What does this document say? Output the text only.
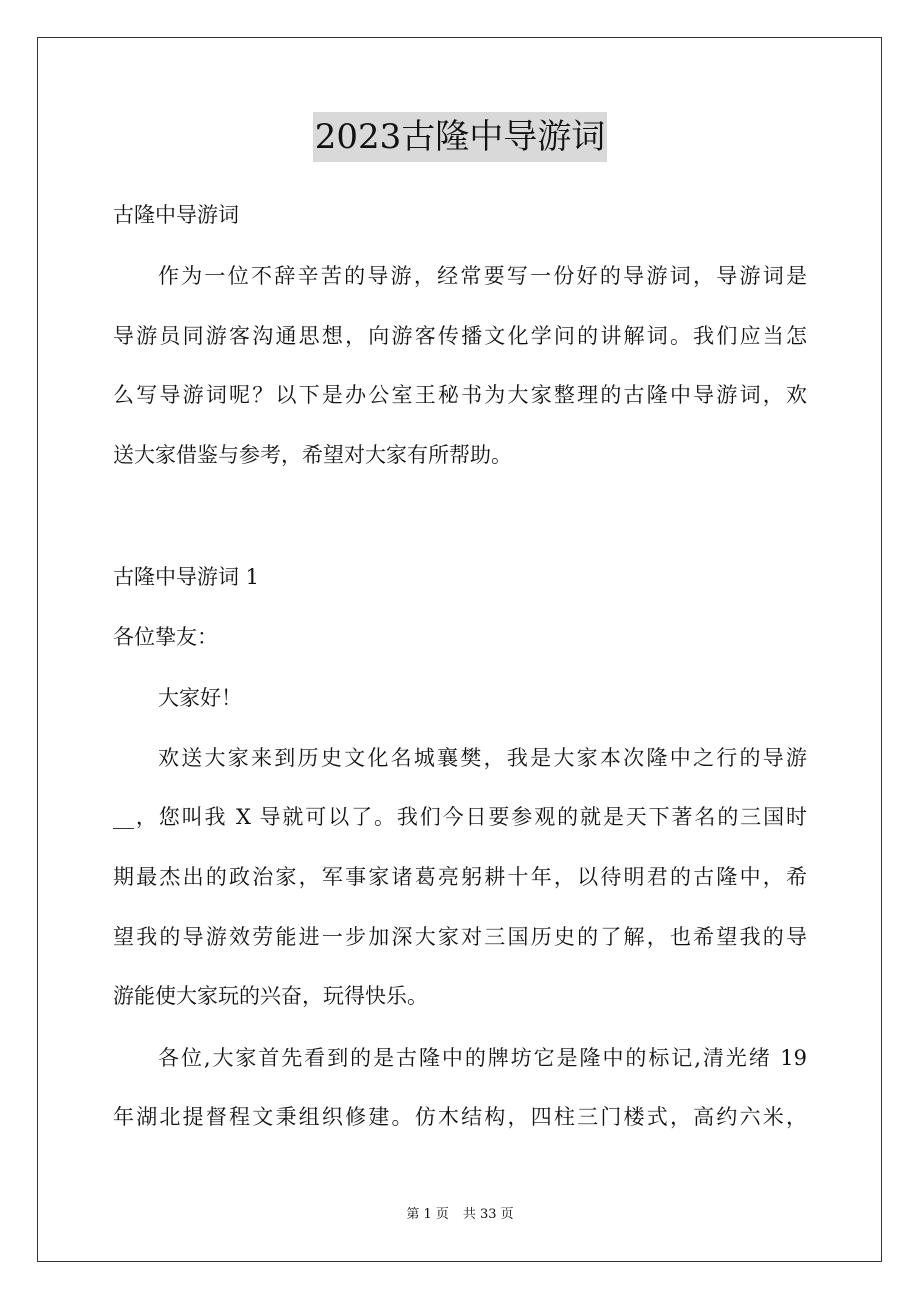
2023古隆中导游词
古隆中导游词
作为一位不辞辛苦的导游，经常要写一份好的导游词，导游词是
导游员同游客沟通思想，向游客传播文化学问的讲解词。我们应当怎
么写导游词呢？以下是办公室王秘书为大家整理的古隆中导游词，欢
送大家借鉴与参考，希望对大家有所帮助。
古隆中导游词 1
各位挚友：
大家好！
欢送大家来到历史文化名城襄樊，我是大家本次隆中之行的导游
__，您叫我 X 导就可以了。我们今日要参观的就是天下著名的三国时
期最杰出的政治家，军事家诸葛亮躬耕十年，以待明君的古隆中，希
望我的导游效劳能进一步加深大家对三国历史的了解，也希望我的导
游能使大家玩的兴奋，玩得快乐。
各位,大家首先看到的是古隆中的牌坊它是隆中的标记,清光绪 19
年湖北提督程文秉组织修建。仿木结构，四柱三门楼式，高约六米，
第 1 页 共 33 页
